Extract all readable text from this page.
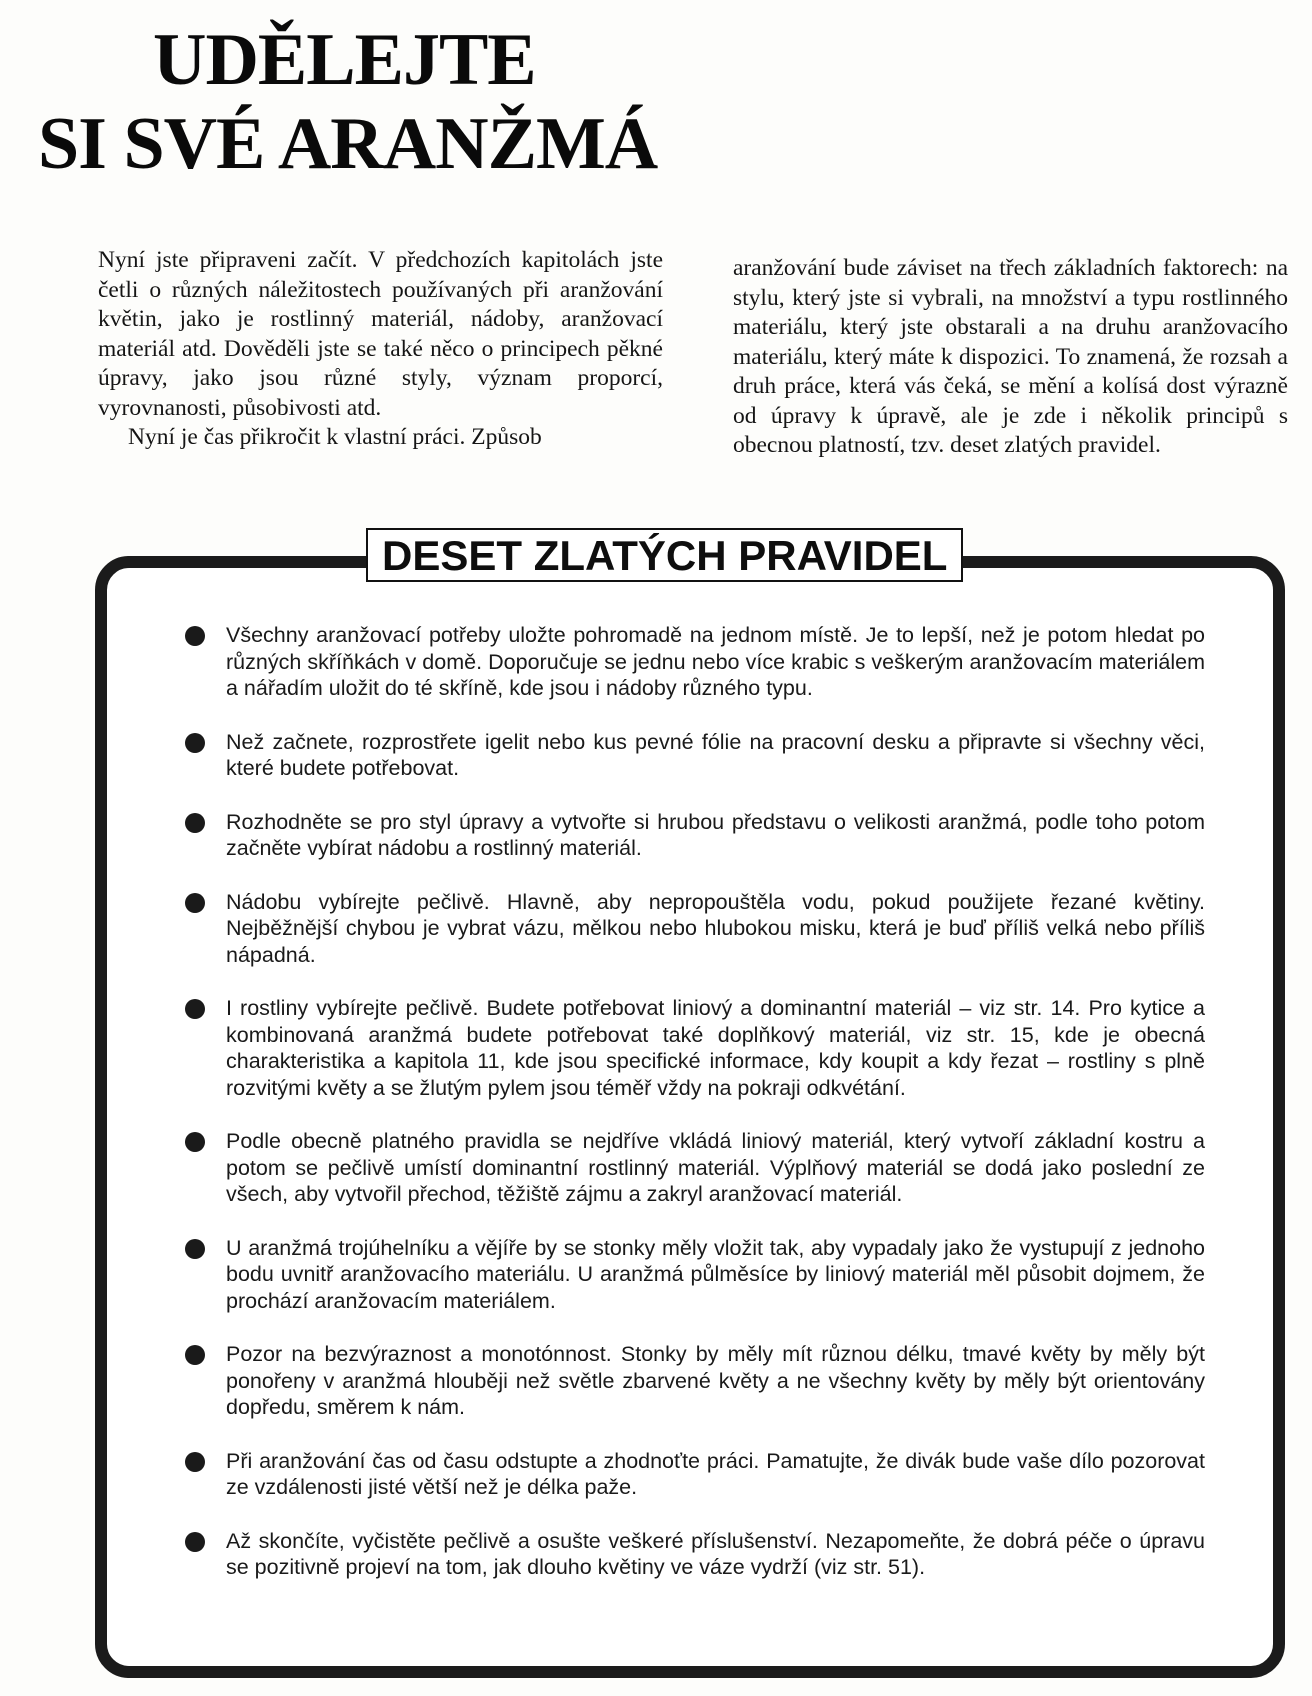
UDĚLEJTE
SI SVÉ ARANŽMÁ

Nyní jste připraveni začít. V předchozích kapitolách jste četli o různých náležitostech používaných při aranžování květin, jako je rostlinný materiál, nádoby, aranžovací materiál atd. Dověděli jste se také něco o principech pěkné úpravy, jako jsou různé styly, význam proporcí, vyrovnanosti, působivosti atd.

Nyní je čas přikročit k vlastní práci. Způsob

aranžování bude záviset na třech základních faktorech: na stylu, který jste si vybrali, na množství a typu rostlinného materiálu, který jste obstarali a na druhu aranžovacího materiálu, který máte k dispozici. To znamená, že rozsah a druh práce, která vás čeká, se mění a kolísá dost výrazně od úpravy k úpravě, ale je zde i několik principů s obecnou platností, tzv. deset zlatých pravidel.

DESET ZLATÝCH PRAVIDEL
Všechny aranžovací potřeby uložte pohromadě na jednom místě. Je to lepší, než je potom hledat po různých skříňkách v domě. Doporučuje se jednu nebo více krabic s veškerým aranžovacím materiálem a nářadím uložit do té skříně, kde jsou i nádoby různého typu.
Než začnete, rozprostřete igelit nebo kus pevné fólie na pracovní desku a připravte si všechny věci, které budete potřebovat.
Rozhodněte se pro styl úpravy a vytvořte si hrubou představu o velikosti aranžmá, podle toho potom začněte vybírat nádobu a rostlinný materiál.
Nádobu vybírejte pečlivě. Hlavně, aby nepropouštěla vodu, pokud použijete řezané květiny. Nejběžnější chybou je vybrat vázu, mělkou nebo hlubokou misku, která je buď příliš velká nebo příliš nápadná.
I rostliny vybírejte pečlivě. Budete potřebovat liniový a dominantní materiál – viz str. 14. Pro kytice a kombinovaná aranžmá budete potřebovat také doplňkový materiál, viz str. 15, kde je obecná charakteristika a kapitola 11, kde jsou specifické informace, kdy koupit a kdy řezat – rostliny s plně rozvitými květy a se žlutým pylem jsou téměř vždy na pokraji odkvétání.
Podle obecně platného pravidla se nejdříve vkládá liniový materiál, který vytvoří základní kostru a potom se pečlivě umístí dominantní rostlinný materiál. Výplňový materiál se dodá jako poslední ze všech, aby vytvořil přechod, těžiště zájmu a zakryl aranžovací materiál.
U aranžmá trojúhelníku a vějíře by se stonky měly vložit tak, aby vypadaly jako že vystupují z jednoho bodu uvnitř aranžovacího materiálu. U aranžmá půlměsíce by liniový materiál měl působit dojmem, že prochází aranžovacím materiálem.
Pozor na bezvýraznost a monotónnost. Stonky by měly mít různou délku, tmavé květy by měly být ponořeny v aranžmá hlouběji než světle zbarvené květy a ne všechny květy by měly být orientovány dopředu, směrem k nám.
Při aranžování čas od času odstupte a zhodnoťte práci. Pamatujte, že divák bude vaše dílo pozorovat ze vzdálenosti jisté větší než je délka paže.
Až skončíte, vyčistěte pečlivě a osušte veškeré příslušenství. Nezapomeňte, že dobrá péče o úpravu se pozitivně projeví na tom, jak dlouho květiny ve váze vydrží (viz str. 51).
